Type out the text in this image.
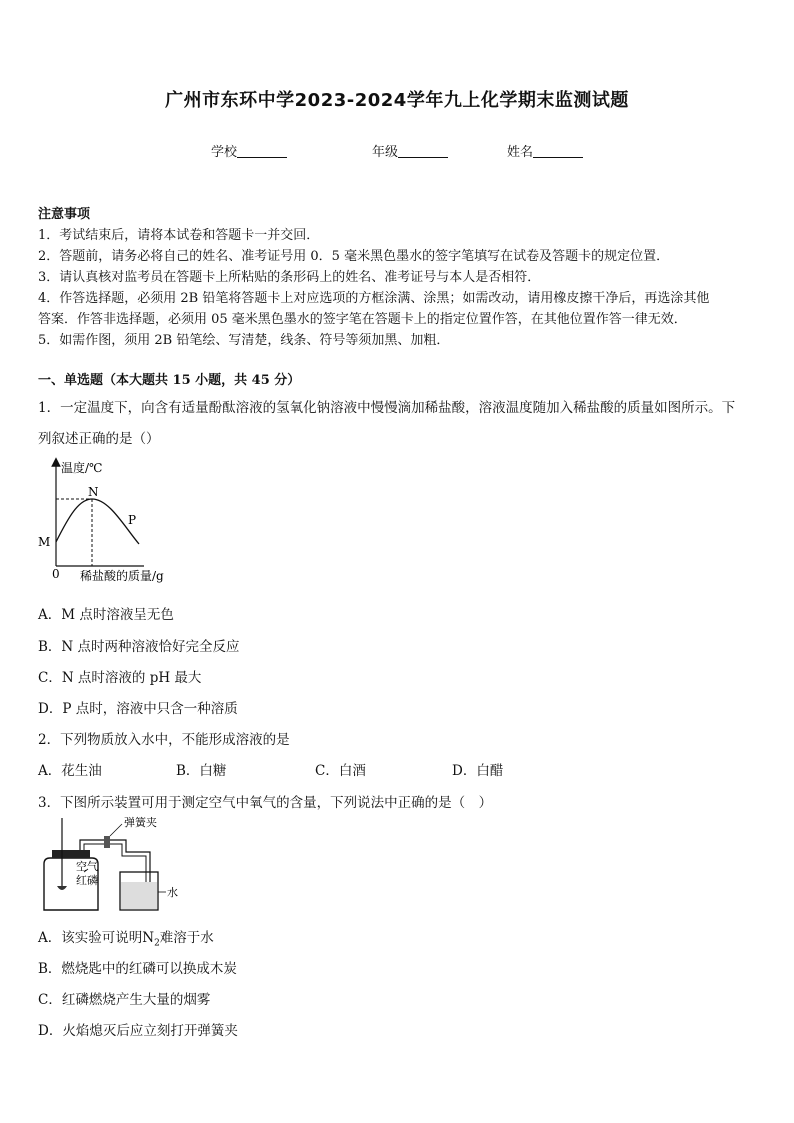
广州市东环中学2023-2024学年九上化学期末监测试题
学校	年级	姓名
注意事项
1．考试结束后，请将本试卷和答题卡一并交回．
2．答题前，请务必将自己的姓名、准考证号用 0．5 毫米黑色墨水的签字笔填写在试卷及答题卡的规定位置．
3．请认真核对监考员在答题卡上所粘贴的条形码上的姓名、准考证号与本人是否相符．
4．作答选择题，必须用 2B 铅笔将答题卡上对应选项的方框涂满、涂黑；如需改动，请用橡皮擦干净后，再选涂其他
答案．作答非选择题，必须用 05 毫米黑色墨水的签字笔在答题卡上的指定位置作答，在其他位置作答一律无效．
5．如需作图，须用 2B 铅笔绘、写清楚，线条、符号等须加黑、加粗．
一、单选题（本大题共 15 小题，共 45 分）
1．一定温度下，向含有适量酚酞溶液的氢氧化钠溶液中慢慢滴加稀盐酸，溶液温度随加入稀盐酸的质量如图所示。下
列叙述正确的是（）
温度/℃
N
P
M
0 稀盐酸的质量/g
A．M 点时溶液呈无色
B．N 点时两种溶液恰好完全反应
C．N 点时溶液的 pH 最大
D．P 点时，溶液中只含一种溶质
2．下列物质放入水中，不能形成溶液的是
A．花生油	B．白糖	C．白酒	D．白醋
3．下图所示装置可用于测定空气中氧气的含量，下列说法中正确的是（　）
弹簧夹
空气
红磷
水
A．该实验可说明$N_2$难溶于水
B．燃烧匙中的红磷可以换成木炭
C．红磷燃烧产生大量的烟雾
D．火焰熄灭后应立刻打开弹簧夹
